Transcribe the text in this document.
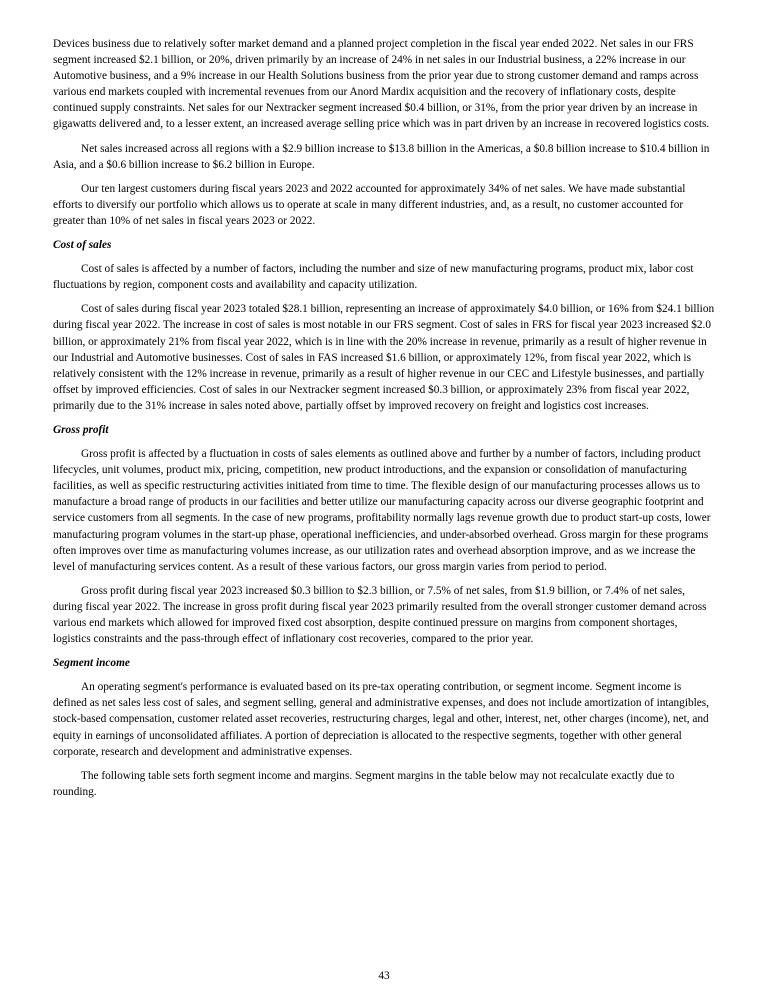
Devices business due to relatively softer market demand and a planned project completion in the fiscal year ended 2022. Net sales in our FRS segment increased $2.1 billion, or 20%, driven primarily by an increase of 24% in net sales in our Industrial business, a 22% increase in our Automotive business, and a 9% increase in our Health Solutions business from the prior year due to strong customer demand and ramps across various end markets coupled with incremental revenues from our Anord Mardix acquisition and the recovery of inflationary costs, despite continued supply constraints. Net sales for our Nextracker segment increased $0.4 billion, or 31%, from the prior year driven by an increase in gigawatts delivered and, to a lesser extent, an increased average selling price which was in part driven by an increase in recovered logistics costs.

Net sales increased across all regions with a $2.9 billion increase to $13.8 billion in the Americas, a $0.8 billion increase to $10.4 billion in Asia, and a $0.6 billion increase to $6.2 billion in Europe.

Our ten largest customers during fiscal years 2023 and 2022 accounted for approximately 34% of net sales. We have made substantial efforts to diversify our portfolio which allows us to operate at scale in many different industries, and, as a result, no customer accounted for greater than 10% of net sales in fiscal years 2023 or 2022.

Cost of sales

Cost of sales is affected by a number of factors, including the number and size of new manufacturing programs, product mix, labor cost fluctuations by region, component costs and availability and capacity utilization.

Cost of sales during fiscal year 2023 totaled $28.1 billion, representing an increase of approximately $4.0 billion, or 16% from $24.1 billion during fiscal year 2022. The increase in cost of sales is most notable in our FRS segment. Cost of sales in FRS for fiscal year 2023 increased $2.0 billion, or approximately 21% from fiscal year 2022, which is in line with the 20% increase in revenue, primarily as a result of higher revenue in our Industrial and Automotive businesses. Cost of sales in FAS increased $1.6 billion, or approximately 12%, from fiscal year 2022, which is relatively consistent with the 12% increase in revenue, primarily as a result of higher revenue in our CEC and Lifestyle businesses, and partially offset by improved efficiencies. Cost of sales in our Nextracker segment increased $0.3 billion, or approximately 23% from fiscal year 2022, primarily due to the 31% increase in sales noted above, partially offset by improved recovery on freight and logistics cost increases.

Gross profit

Gross profit is affected by a fluctuation in costs of sales elements as outlined above and further by a number of factors, including product lifecycles, unit volumes, product mix, pricing, competition, new product introductions, and the expansion or consolidation of manufacturing facilities, as well as specific restructuring activities initiated from time to time. The flexible design of our manufacturing processes allows us to manufacture a broad range of products in our facilities and better utilize our manufacturing capacity across our diverse geographic footprint and service customers from all segments. In the case of new programs, profitability normally lags revenue growth due to product start-up costs, lower manufacturing program volumes in the start-up phase, operational inefficiencies, and under-absorbed overhead. Gross margin for these programs often improves over time as manufacturing volumes increase, as our utilization rates and overhead absorption improve, and as we increase the level of manufacturing services content. As a result of these various factors, our gross margin varies from period to period.

Gross profit during fiscal year 2023 increased $0.3 billion to $2.3 billion, or 7.5% of net sales, from $1.9 billion, or 7.4% of net sales, during fiscal year 2022. The increase in gross profit during fiscal year 2023 primarily resulted from the overall stronger customer demand across various end markets which allowed for improved fixed cost absorption, despite continued pressure on margins from component shortages, logistics constraints and the pass-through effect of inflationary cost recoveries, compared to the prior year.

Segment income

An operating segment's performance is evaluated based on its pre-tax operating contribution, or segment income. Segment income is defined as net sales less cost of sales, and segment selling, general and administrative expenses, and does not include amortization of intangibles, stock-based compensation, customer related asset recoveries, restructuring charges, legal and other, interest, net, other charges (income), net, and equity in earnings of unconsolidated affiliates. A portion of depreciation is allocated to the respective segments, together with other general corporate, research and development and administrative expenses.

The following table sets forth segment income and margins. Segment margins in the table below may not recalculate exactly due to rounding.

43
